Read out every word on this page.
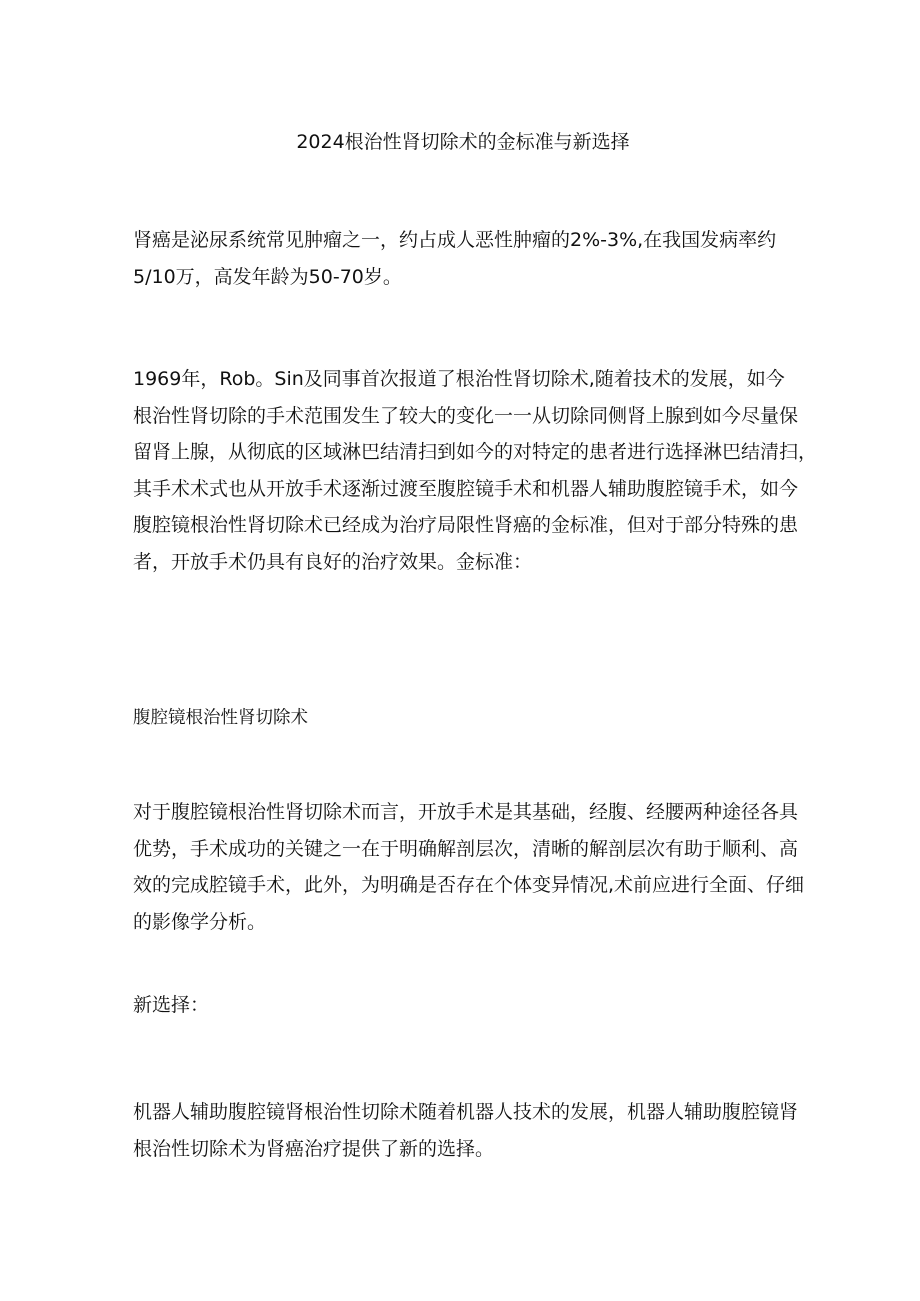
2024根治性肾切除术的金标准与新选择

肾癌是泌尿系统常见肿瘤之一，约占成人恶性肿瘤的2%-3%,在我国发病率约
5/10万，高发年龄为50-70岁。

1969年，Rob。Sin及同事首次报道了根治性肾切除术,随着技术的发展，如今
根治性肾切除的手术范围发生了较大的变化一一从切除同侧肾上腺到如今尽量保
留肾上腺，从彻底的区域淋巴结清扫到如今的对特定的患者进行选择淋巴结清扫，
其手术术式也从开放手术逐渐过渡至腹腔镜手术和机器人辅助腹腔镜手术，如今
腹腔镜根治性肾切除术已经成为治疗局限性肾癌的金标准，但对于部分特殊的患
者，开放手术仍具有良好的治疗效果。金标准：

腹腔镜根治性肾切除术

对于腹腔镜根治性肾切除术而言，开放手术是其基础，经腹、经腰两种途径各具
优势，手术成功的关键之一在于明确解剖层次，清晰的解剖层次有助于顺利、高
效的完成腔镜手术，此外，为明确是否存在个体变异情况,术前应进行全面、仔细
的影像学分析。

新选择：

机器人辅助腹腔镜肾根治性切除术随着机器人技术的发展，机器人辅助腹腔镜肾
根治性切除术为肾癌治疗提供了新的选择。
